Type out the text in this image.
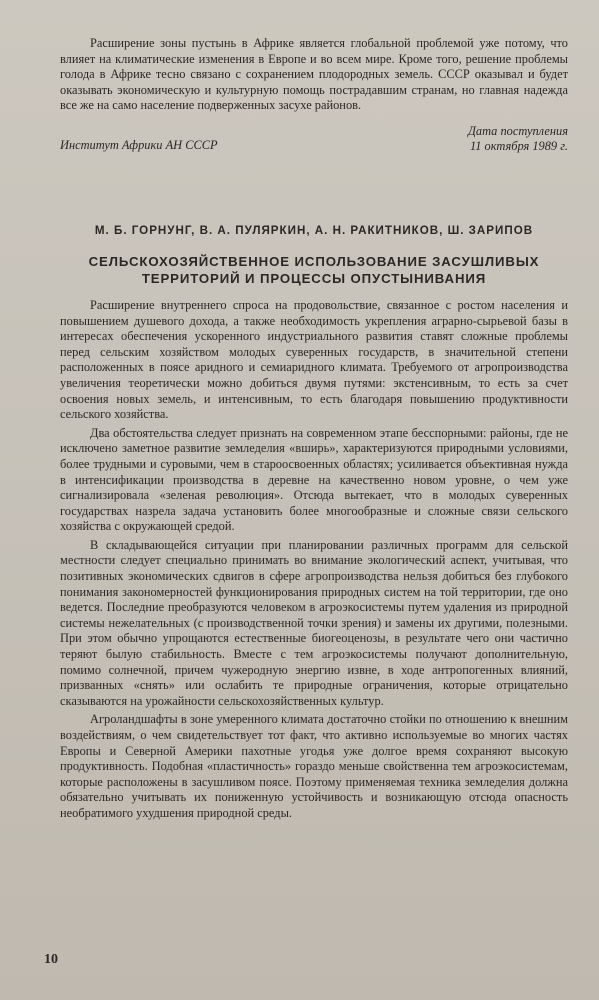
Расширение зоны пустынь в Африке является глобальной проблемой уже потому, что влияет на климатические изменения в Европе и во всем мире. Кроме того, решение проблемы голода в Африке тесно связано с сохранением плодородных земель. СССР оказывал и будет оказывать экономическую и культурную помощь пострадавшим странам, но главная надежда все же на само население подверженных засухе районов.

Институт Африки АН СССР
Дата поступления
11 октября 1989 г.
М. Б. ГОРНУНГ, В. А. ПУЛЯРКИН, А. Н. РАКИТНИКОВ, Ш. ЗАРИПОВ
СЕЛЬСКОХОЗЯЙСТВЕННОЕ ИСПОЛЬЗОВАНИЕ ЗАСУШЛИВЫХ
ТЕРРИТОРИЙ И ПРОЦЕССЫ ОПУСТЫНИВАНИЯ

Расширение внутреннего спроса на продовольствие, связанное с ростом населения и повышением душевого дохода, а также необходимость укрепления аграрно-сырьевой базы в интересах обеспечения ускоренного индустриального развития ставят сложные проблемы перед сельским хозяйством молодых суверенных государств, в значительной степени расположенных в поясе аридного и семиаридного климата. Требуемого от агропроизводства увеличения теоретически можно добиться двумя путями: экстенсивным, то есть за счет освоения новых земель, и интенсивным, то есть благодаря повышению продуктивности сельского хозяйства.

Два обстоятельства следует признать на современном этапе бесспорными: районы, где не исключено заметное развитие земледелия «вширь», характеризуются природными условиями, более трудными и суровыми, чем в староосвоенных областях; усиливается объективная нужда в интенсификации производства в деревне на качественно новом уровне, о чем уже сигнализировала «зеленая революция». Отсюда вытекает, что в молодых суверенных государствах назрела задача установить более многообразные и сложные связи сельского хозяйства с окружающей средой.

В складывающейся ситуации при планировании различных программ для сельской местности следует специально принимать во внимание экологический аспект, учитывая, что позитивных экономических сдвигов в сфере агропроизводства нельзя добиться без глубокого понимания закономерностей функционирования природных систем на той территории, где оно ведется. Последние преобразуются человеком в агроэкосистемы путем удаления из природной системы нежелательных (с производственной точки зрения) и замены их другими, полезными. При этом обычно упрощаются естественные биогеоценозы, в результате чего они частично теряют былую стабильность. Вместе с тем агроэкосистемы получают дополнительную, помимо солнечной, причем чужеродную энергию извне, в ходе антропогенных влияний, призванных «снять» или ослабить те природные ограничения, которые отрицательно сказываются на урожайности сельскохозяйственных культур.

Агроландшафты в зоне умеренного климата достаточно стойки по отношению к внешним воздействиям, о чем свидетельствует тот факт, что активно используемые во многих частях Европы и Северной Америки пахотные угодья уже долгое время сохраняют высокую продуктивность. Подобная «пластичность» гораздо меньше свойственна тем агроэкосистемам, которые расположены в засушливом поясе. Поэтому применяемая техника земледелия должна обязательно учитывать их пониженную устойчивость и возникающую отсюда опасность необратимого ухудшения природной среды.

10
